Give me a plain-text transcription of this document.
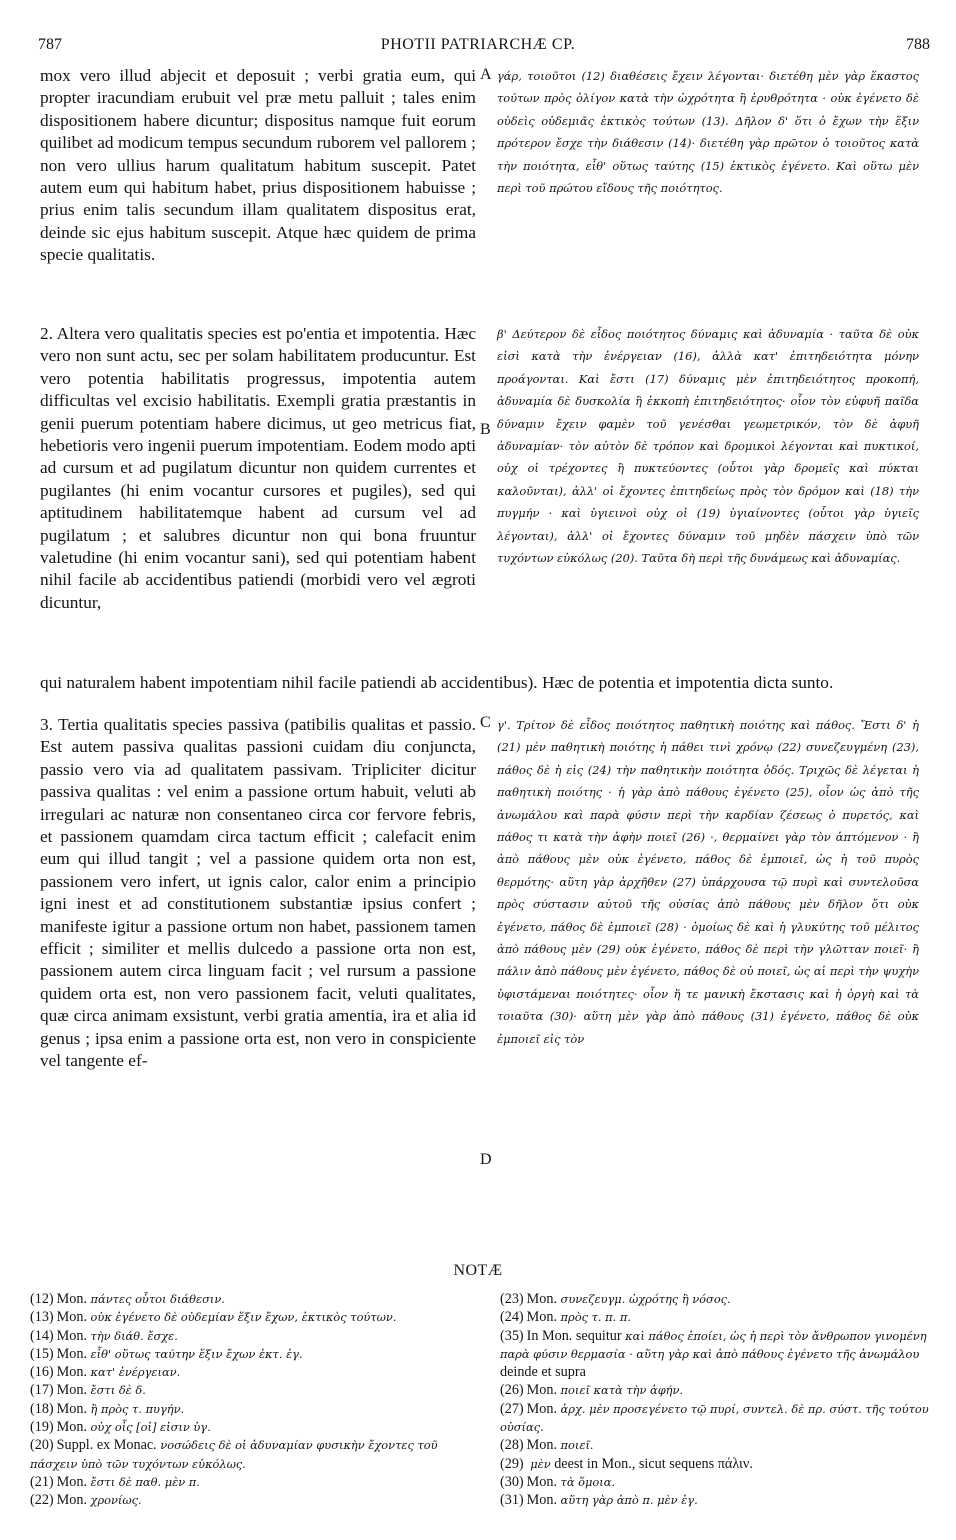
787	PHOTII PATRIARCHÆ CP.	788
A
B
C
D

mox vero illud abjecit et deposuit ; verbi gratia eum, qui propter iracundiam erubuit vel præ metu palluit ; tales enim dispositionem habere dicuntur; dispositus namque fuit eorum quilibet ad modicum tempus secundum ruborem vel pallorem ; non vero ullius harum qualitatum habitum suscepit. Patet autem eum qui habitum habet, prius dispositionem habuisse ; prius enim talis secundum illam qualitatem dispositus erat, deinde sic ejus habitum suscepit. Atque hæc quidem de prima specie qualitatis.

γάρ, τοιοῦτοι (12) διαθέσεις ἔχειν λέγονται· διετέθη μὲν γὰρ ἕκαστος τούτων πρὸς ὀλίγον κατὰ τὴν ὠχρότητα ἢ ἐρυθρότητα · οὐκ ἐγένετο δὲ οὐδεὶς οὐδεμιᾶς ἑκτικὸς τούτων (13). Δῆλον δ' ὅτι ὁ ἔχων τὴν ἕξιν πρότερον ἔσχε τὴν διάθεσιν (14)· διετέθη γὰρ πρῶτον ὁ τοιοῦτος κατὰ τὴν ποιότητα, εἶθ' οὕτως ταύτης (15) ἑκτικὸς ἐγένετο. Καὶ οὕτω μὲν περὶ τοῦ πρώτου εἴδους τῆς ποιότητος.

2. Altera vero qualitatis species est po'entia et impotentia. Hæc vero non sunt actu, sec per solam habilitatem producuntur. Est vero potentia habilitatis progressus, impotentia autem difficultas vel excisio habilitatis. Exempli gratia præstantis in genii puerum potentiam habere dicimus, ut geo metricus fiat, hebetioris vero ingenii puerum impotentiam. Eodem modo apti ad cursum et ad pugilatum dicuntur non quidem currentes et pugilantes (hi enim vocantur cursores et pugiles), sed qui aptitudinem habilitatemque habent ad cursum vel ad pugilatum ; et salubres dicuntur non qui bona fruuntur valetudine (hi enim vocantur sani), sed qui potentiam habent nihil facile ab accidentibus patiendi (morbidi vero vel ægroti dicuntur,

β' Δεύτερον δὲ εἶδος ποιότητος δύναμις καὶ ἀδυναμία · ταῦτα δὲ οὐκ εἰσὶ κατὰ τὴν ἐνέργειαν (16), ἀλλὰ κατ' ἐπιτηδειότητα μόνην προάγονται. Καὶ ἔστι (17) δύναμις μὲν ἐπιτηδειότητος προκοπή, ἀδυναμία δὲ δυσκολία ἢ ἐκκοπὴ ἐπιτηδειότητος· οἷον τὸν εὐφυῆ παῖδα δύναμιν ἔχειν φαμὲν τοῦ γενέσθαι γεωμετρικόν, τὸν δὲ ἀφυῆ ἀδυναμίαν· τὸν αὐτὸν δὲ τρόπον καὶ δρομικοὶ λέγονται καὶ πυκτικοί, οὐχ οἱ τρέχοντες ἢ πυκτεύοντες (οὗτοι γὰρ δρομεῖς καὶ πύκται καλοῦνται), ἀλλ' οἱ ἔχοντες ἐπιτηδείως πρὸς τὸν δρόμον καὶ (18) τὴν πυγμήν · καὶ ὑγιεινοὶ οὐχ οἱ (19) ὑγιαίνοντες (οὗτοι γὰρ ὑγιεῖς λέγονται), ἀλλ' οἱ ἔχοντες δύναμιν τοῦ μηδὲν πάσχειν ὑπὸ τῶν τυχόντων εὐκόλως (20). Ταῦτα δὴ περὶ τῆς δυνάμεως καὶ ἀδυναμίας.

qui naturalem habent impotentiam nihil facile patiendi ab accidentibus). Hæc de potentia et impotentia dicta sunto.

3. Tertia qualitatis species passiva (patibilis qualitas et passio. Est autem passiva qualitas passioni cuidam diu conjuncta, passio vero via ad qualitatem passivam. Tripliciter dicitur passiva qualitas : vel enim a passione ortum habuit, veluti ab irregulari ac naturæ non consentaneo circa cor fervore febris, et passionem quamdam circa tactum efficit ; calefacit enim eum qui illud tangit ; vel a passione quidem orta non est, passionem vero infert, ut ignis calor, calor enim a principio igni inest et ad constitutionem substantiæ ipsius confert ; manifeste igitur a passione ortum non habet, passionem tamen efficit ; similiter et mellis dulcedo a passione orta non est, passionem autem circa linguam facit ; vel rursum a passione quidem orta est, non vero passionem facit, veluti qualitates, quæ circa animam exsistunt, verbi gratia amentia, ira et alia id genus ; ipsa enim a passione orta est, non vero in conspiciente vel tangente ef-

γ'. Τρίτον δὲ εἶδος ποιότητος παθητικὴ ποιότης καὶ πάθος. Ἔστι δ' ἡ (21) μὲν παθητικὴ ποιότης ἡ πάθει τινὶ χρόνῳ (22) συνεζευγμένη (23), πάθος δὲ ἡ εἰς (24) τὴν παθητικὴν ποιότητα ὁδός. Τριχῶς δὲ λέγεται ἡ παθητικὴ ποιότης · ἡ γὰρ ἀπὸ πάθους ἐγένετο (25), οἷον ὡς ἀπὸ τῆς ἀνωμάλου καὶ παρὰ φύσιν περὶ τὴν καρδίαν ζέσεως ὁ πυρετός, καὶ πάθος τι κατὰ τὴν ἀφὴν ποιεῖ (26) ·, θερμαίνει γὰρ τὸν ἁπτόμενον · ἢ ἀπὸ πάθους μὲν οὐκ ἐγένετο, πάθος δὲ ἐμποιεῖ, ὡς ἡ τοῦ πυρὸς θερμότης· αὕτη γὰρ ἀρχῆθεν (27) ὑπάρχουσα τῷ πυρὶ καὶ συντελοῦσα πρὸς σύστασιν αὐτοῦ τῆς οὐσίας ἀπὸ πάθους μὲν δῆλον ὅτι οὐκ ἐγένετο, πάθος δὲ ἐμποιεῖ (28) · ὁμοίως δὲ καὶ ἡ γλυκύτης τοῦ μέλιτος ἀπὸ πάθους μὲν (29) οὐκ ἐγένετο, πάθος δὲ περὶ τὴν γλῶτταν ποιεῖ· ἢ πάλιν ἀπὸ πάθους μὲν ἐγένετο, πάθος δὲ οὐ ποιεῖ, ὡς αἱ περὶ τὴν ψυχὴν ὑφιστάμεναι ποιότητες· οἷον ἥ τε μανικὴ ἔκστασις καὶ ἡ ὀργὴ καὶ τὰ τοιαῦτα (30)· αὕτη μὲν γὰρ ἀπὸ πάθους (31) ἐγένετο, πάθος δὲ οὐκ ἐμποιεῖ εἰς τὸν

NOTÆ

(12) Mon. πάντες οὗτοι διάθεσιν.

(13) Mon. οὐκ ἐγένετο δὲ οὐδεμίαν ἕξιν ἔχων, ἑκτικὸς τούτων.

(14) Mon. τὴν διάθ. ἔσχε.

(15) Mon. εἶθ' οὕτως ταύτην ἕξιν ἔχων ἐκτ. ἐγ.

(16) Mon. κατ' ἐνέργειαν.

(17) Mon. ἔστι δὲ δ.

(18) Mon. ἢ πρὸς τ. πυγήν.

(19) Mon. οὐχ οἷς [οἱ] εἰσιν ὑγ.

(20) Suppl. ex Monac. νοσώδεις δὲ οἱ ἀδυναμίαν φυσικὴν ἔχοντες τοῦ πάσχειν ὑπὸ τῶν τυχόντων εὐκόλως.

(21) Mon. ἔστι δὲ παθ. μὲν π.

(22) Mon. χρονίως.

(23) Mon. συνεζευγμ. ὠχρότης ἢ νόσος.

(24) Mon. πρὸς τ. π. π.

(35) In Mon. sequitur καὶ πάθος ἐποίει, ὡς ἡ περὶ τὸν ἄνθρωπον γινομένη παρὰ φύσιν θερμασία · αὕτη γὰρ καὶ ἀπὸ πάθους ἐγένετο τῆς ἀνωμάλου deinde et supra

(26) Mon. ποιεῖ κατὰ τὴν ἀφήν.

(27) Mon. ἀρχ. μὲν προσεγένετο τῷ πυρί, συντελ. δὲ πρ. σύστ. τῆς τούτου οὐσίας.

(28) Mon. ποιεῖ.

(29) μὲν deest in Mon., sicut sequens πάλιν.

(30) Mon. τὰ ὅμοια.

(31) Mon. αὕτη γὰρ ἀπὸ π. μὲν ἐγ.
